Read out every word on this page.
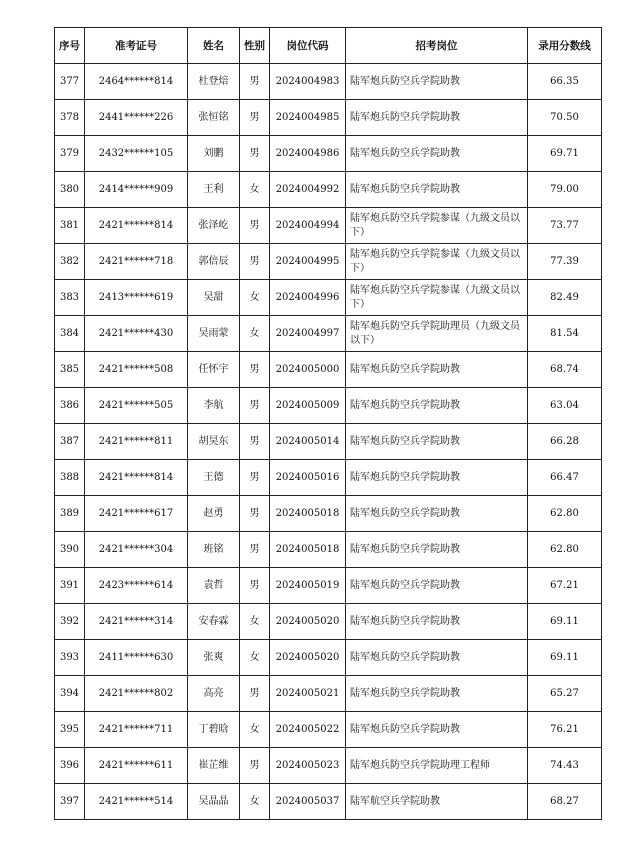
序号	准考证号	姓名	性别	岗位代码	招考岗位	录用分数线
377	2464******814	杜登焙	男	2024004983	陆军炮兵防空兵学院助教	66.35
378	2441******226	张恒铭	男	2024004985	陆军炮兵防空兵学院助教	70.50
379	2432******105	刘鹏	男	2024004986	陆军炮兵防空兵学院助教	69.71
380	2414******909	王利	女	2024004992	陆军炮兵防空兵学院助教	79.00
381	2421******814	张泽屹	男	2024004994	陆军炮兵防空兵学院参谋（九级文员以下）	73.77
382	2421******718	郭倍辰	男	2024004995	陆军炮兵防空兵学院参谋（九级文员以下）	77.39
383	2413******619	吴甜	女	2024004996	陆军炮兵防空兵学院参谋（九级文员以下）	82.49
384	2421******430	吴雨蒙	女	2024004997	陆军炮兵防空兵学院助理员（九级文员以下）	81.54
385	2421******508	任怀宇	男	2024005000	陆军炮兵防空兵学院助教	68.74
386	2421******505	李航	男	2024005009	陆军炮兵防空兵学院助教	63.04
387	2421******811	胡昊东	男	2024005014	陆军炮兵防空兵学院助教	66.28
388	2421******814	王德	男	2024005016	陆军炮兵防空兵学院助教	66.47
389	2421******617	赵勇	男	2024005018	陆军炮兵防空兵学院助教	62.80
390	2421******304	班铭	男	2024005018	陆军炮兵防空兵学院助教	62.80
391	2423******614	袁哲	男	2024005019	陆军炮兵防空兵学院助教	67.21
392	2421******314	安春霖	女	2024005020	陆军炮兵防空兵学院助教	69.11
393	2411******630	张爽	女	2024005020	陆军炮兵防空兵学院助教	69.11
394	2421******802	高亮	男	2024005021	陆军炮兵防空兵学院助教	65.27
395	2421******711	丁碧晗	女	2024005022	陆军炮兵防空兵学院助教	76.21
396	2421******611	崔芷维	男	2024005023	陆军炮兵防空兵学院助理工程师	74.43
397	2421******514	吴晶晶	女	2024005037	陆军航空兵学院助教	68.27
